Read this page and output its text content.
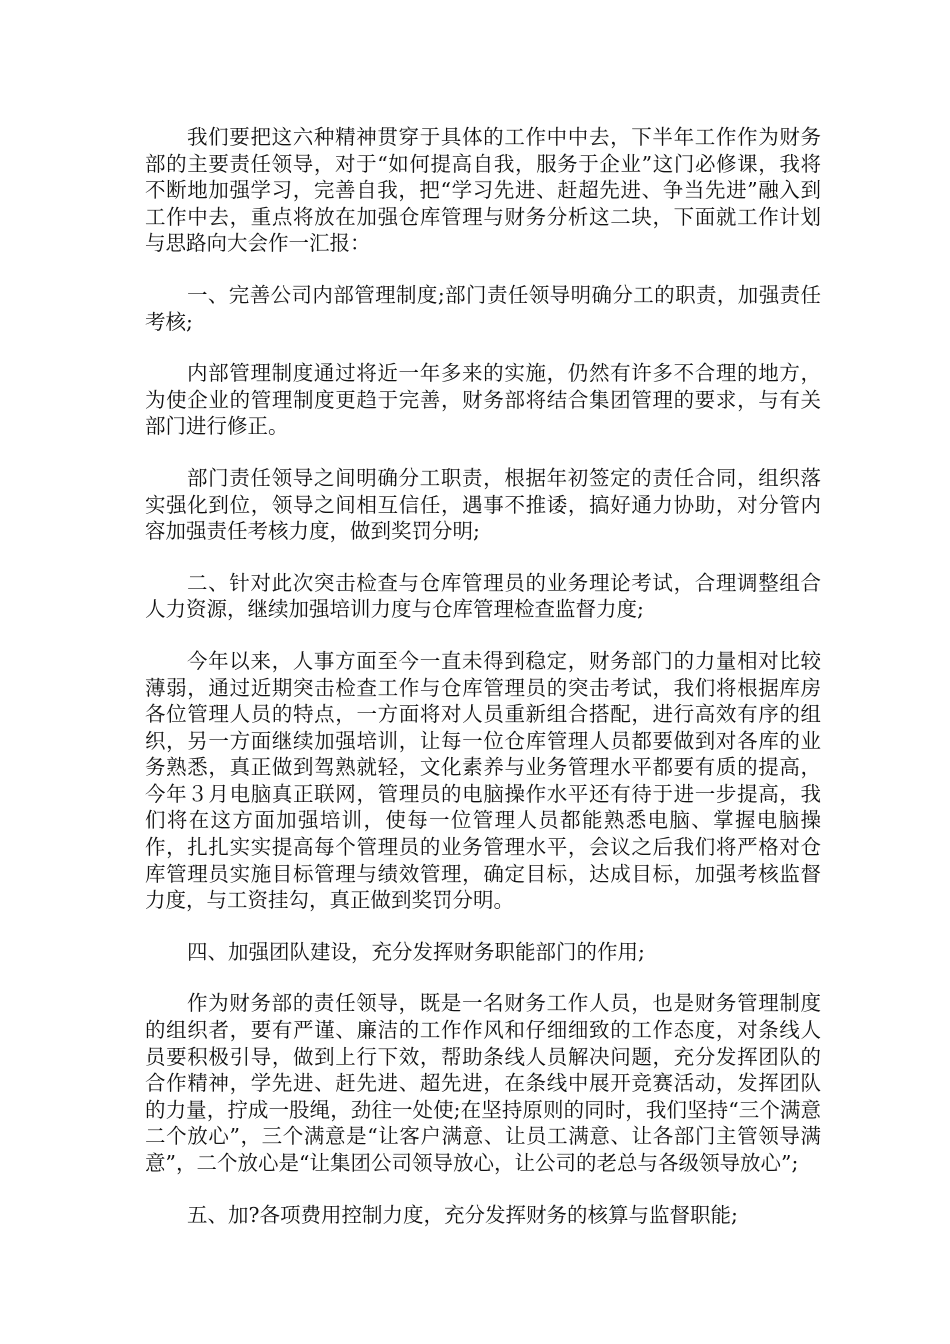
我们要把这六种精神贯穿于具体的工作中中去，下半年工作作为财务部的主要责任领导，对于“如何提高自我，服务于企业”这门必修课，我将不断地加强学习，完善自我，把“学习先进、赶超先进、争当先进”融入到工作中去，重点将放在加强仓库管理与财务分析这二块，下面就工作计划与思路向大会作一汇报：

一、完善公司内部管理制度;部门责任领导明确分工的职责，加强责任考核;

内部管理制度通过将近一年多来的实施，仍然有许多不合理的地方，为使企业的管理制度更趋于完善，财务部将结合集团管理的要求，与有关部门进行修正。

部门责任领导之间明确分工职责，根据年初签定的责任合同，组织落实强化到位，领导之间相互信任，遇事不推诿，搞好通力协助，对分管内容加强责任考核力度，做到奖罚分明;

二、针对此次突击检查与仓库管理员的业务理论考试，合理调整组合人力资源，继续加强培训力度与仓库管理检查监督力度;

今年以来，人事方面至今一直未得到稳定，财务部门的力量相对比较薄弱，通过近期突击检查工作与仓库管理员的突击考试，我们将根据库房各位管理人员的特点，一方面将对人员重新组合搭配，进行高效有序的组织，另一方面继续加强培训，让每一位仓库管理人员都要做到对各库的业务熟悉，真正做到驾熟就轻，文化素养与业务管理水平都要有质的提高，今年３月电脑真正联网，管理员的电脑操作水平还有待于进一步提高，我们将在这方面加强培训，使每一位管理人员都能熟悉电脑、掌握电脑操作，扎扎实实提高每个管理员的业务管理水平，会议之后我们将严格对仓库管理员实施目标管理与绩效管理，确定目标，达成目标，加强考核监督力度，与工资挂勾，真正做到奖罚分明。

四、加强团队建设，充分发挥财务职能部门的作用;

作为财务部的责任领导，既是一名财务工作人员，也是财务管理制度的组织者，要有严谨、廉洁的工作作风和仔细细致的工作态度，对条线人员要积极引导，做到上行下效，帮助条线人员解决问题，充分发挥团队的合作精神，学先进、赶先进、超先进，在条线中展开竞赛活动，发挥团队的力量，拧成一股绳，劲往一处使;在坚持原则的同时，我们坚持“三个满意二个放心”，三个满意是“让客户满意、让员工满意、让各部门主管领导满意”，二个放心是“让集团公司领导放心，让公司的老总与各级领导放心”;

五、加?各项费用控制力度，充分发挥财务的核算与监督职能;
